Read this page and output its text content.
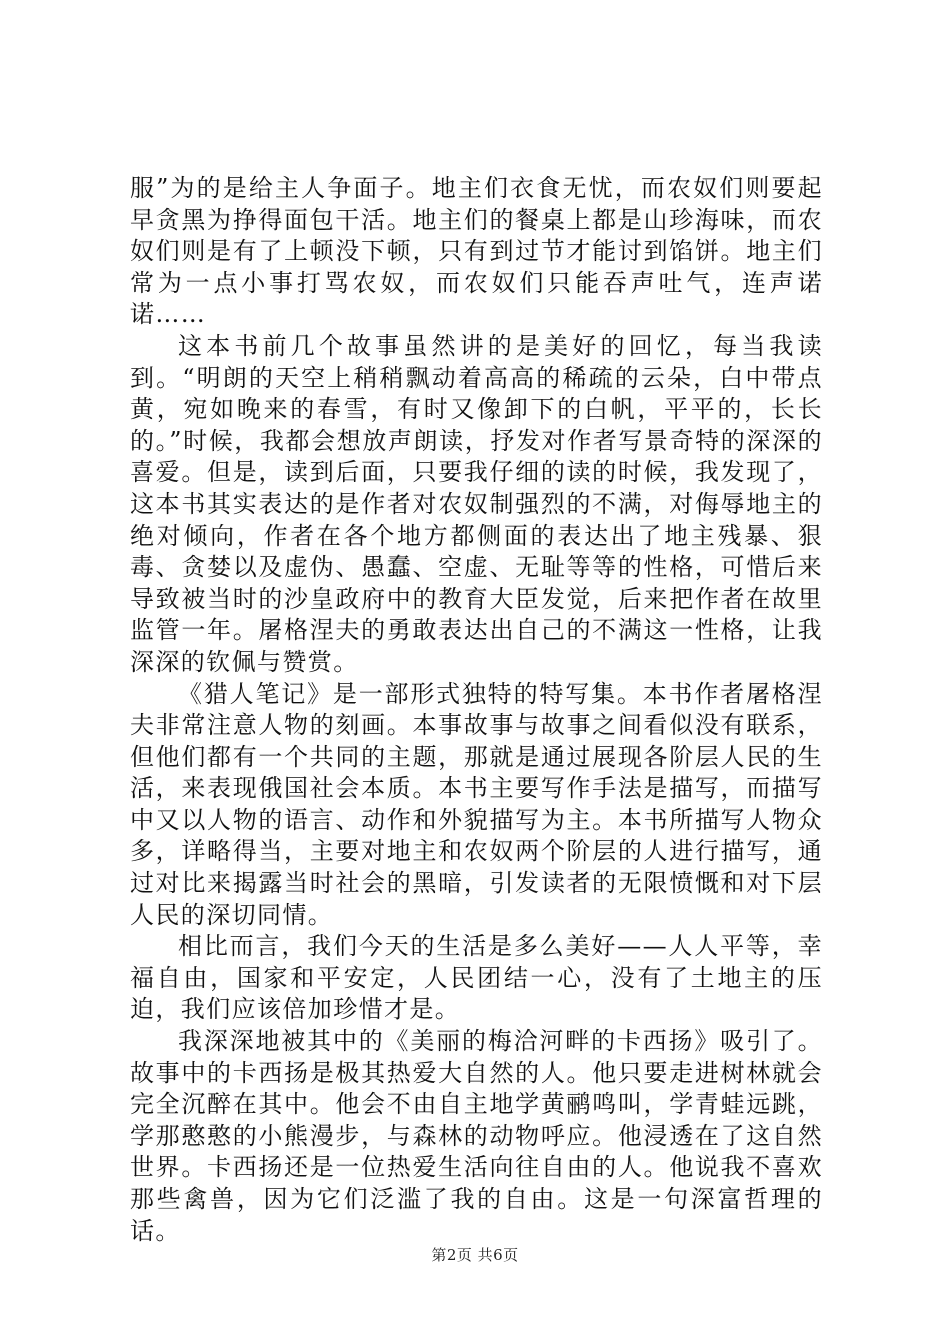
服”为的是给主人争面子。地主们衣食无忧，而农奴们则要起早贪黑为挣得面包干活。地主们的餐桌上都是山珍海味，而农奴们则是有了上顿没下顿，只有到过节才能讨到馅饼。地主们常为一点小事打骂农奴，而农奴们只能吞声吐气，连声诺诺……

这本书前几个故事虽然讲的是美好的回忆，每当我读到。“明朗的天空上稍稍飘动着高高的稀疏的云朵，白中带点黄，宛如晚来的春雪，有时又像卸下的白帆，平平的，长长的。”时候，我都会想放声朗读，抒发对作者写景奇特的深深的喜爱。但是，读到后面，只要我仔细的读的时候，我发现了，这本书其实表达的是作者对农奴制强烈的不满，对侮辱地主的绝对倾向，作者在各个地方都侧面的表达出了地主残暴、狠毒、贪婪以及虚伪、愚蠢、空虚、无耻等等的性格，可惜后来导致被当时的沙皇政府中的教育大臣发觉，后来把作者在故里监管一年。屠格涅夫的勇敢表达出自己的不满这一性格，让我深深的钦佩与赞赏。

《猎人笔记》是一部形式独特的特写集。本书作者屠格涅夫非常注意人物的刻画。本事故事与故事之间看似没有联系，但他们都有一个共同的主题，那就是通过展现各阶层人民的生活，来表现俄国社会本质。本书主要写作手法是描写，而描写中又以人物的语言、动作和外貌描写为主。本书所描写人物众多，详略得当，主要对地主和农奴两个阶层的人进行描写，通过对比来揭露当时社会的黑暗，引发读者的无限愤慨和对下层人民的深切同情。

相比而言，我们今天的生活是多么美好——人人平等，幸福自由，国家和平安定，人民团结一心，没有了土地主的压迫，我们应该倍加珍惜才是。

我深深地被其中的《美丽的梅洽河畔的卡西扬》吸引了。故事中的卡西扬是极其热爱大自然的人。他只要走进树林就会完全沉醉在其中。他会不由自主地学黄鹂鸣叫，学青蛙远跳，学那憨憨的小熊漫步，与森林的动物呼应。他浸透在了这自然世界。卡西扬还是一位热爱生活向往自由的人。他说我不喜欢那些禽兽，因为它们泛滥了我的自由。这是一句深富哲理的话。

第2页 共6页
